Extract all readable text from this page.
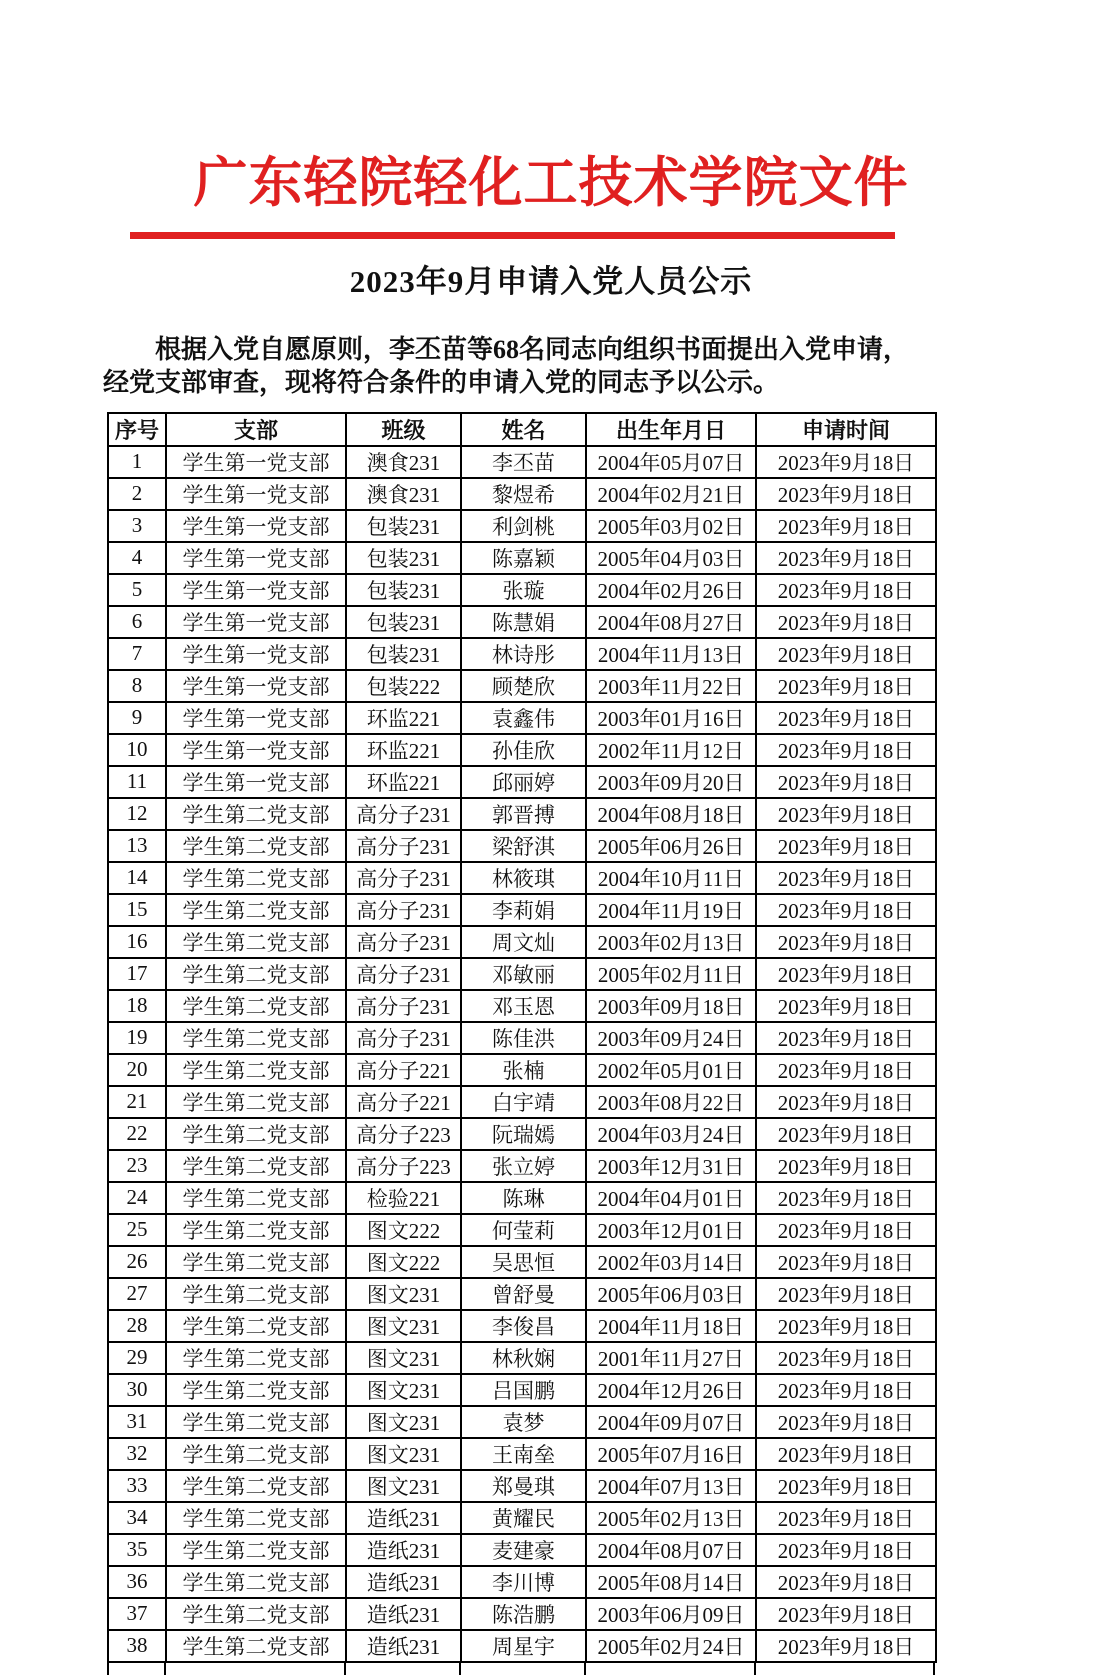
广东轻院轻化工技术学院文件
2023年9月申请入党人员公示
根据入党自愿原则，李丕苗等68名同志向组织书面提出入党申请，
经党支部审查，现将符合条件的申请入党的同志予以公示。
序号	支部	班级	姓名	出生年月日	申请时间
1	学生第一党支部	澳食231	李丕苗	2004年05月07日	2023年9月18日
2	学生第一党支部	澳食231	黎煜希	2004年02月21日	2023年9月18日
3	学生第一党支部	包装231	利剑桃	2005年03月02日	2023年9月18日
4	学生第一党支部	包装231	陈嘉颖	2005年04月03日	2023年9月18日
5	学生第一党支部	包装231	张璇	2004年02月26日	2023年9月18日
6	学生第一党支部	包装231	陈慧娟	2004年08月27日	2023年9月18日
7	学生第一党支部	包装231	林诗彤	2004年11月13日	2023年9月18日
8	学生第一党支部	包装222	顾楚欣	2003年11月22日	2023年9月18日
9	学生第一党支部	环监221	袁鑫伟	2003年01月16日	2023年9月18日
10	学生第一党支部	环监221	孙佳欣	2002年11月12日	2023年9月18日
11	学生第一党支部	环监221	邱丽婷	2003年09月20日	2023年9月18日
12	学生第二党支部	高分子231	郭晋搏	2004年08月18日	2023年9月18日
13	学生第二党支部	高分子231	梁舒淇	2005年06月26日	2023年9月18日
14	学生第二党支部	高分子231	林筱琪	2004年10月11日	2023年9月18日
15	学生第二党支部	高分子231	李莉娟	2004年11月19日	2023年9月18日
16	学生第二党支部	高分子231	周文灿	2003年02月13日	2023年9月18日
17	学生第二党支部	高分子231	邓敏丽	2005年02月11日	2023年9月18日
18	学生第二党支部	高分子231	邓玉恩	2003年09月18日	2023年9月18日
19	学生第二党支部	高分子231	陈佳洪	2003年09月24日	2023年9月18日
20	学生第二党支部	高分子221	张楠	2002年05月01日	2023年9月18日
21	学生第二党支部	高分子221	白宇靖	2003年08月22日	2023年9月18日
22	学生第二党支部	高分子223	阮瑞嫣	2004年03月24日	2023年9月18日
23	学生第二党支部	高分子223	张立婷	2003年12月31日	2023年9月18日
24	学生第二党支部	检验221	陈琳	2004年04月01日	2023年9月18日
25	学生第二党支部	图文222	何莹莉	2003年12月01日	2023年9月18日
26	学生第二党支部	图文222	吴思恒	2002年03月14日	2023年9月18日
27	学生第二党支部	图文231	曾舒曼	2005年06月03日	2023年9月18日
28	学生第二党支部	图文231	李俊昌	2004年11月18日	2023年9月18日
29	学生第二党支部	图文231	林秋娴	2001年11月27日	2023年9月18日
30	学生第二党支部	图文231	吕国鹏	2004年12月26日	2023年9月18日
31	学生第二党支部	图文231	袁梦	2004年09月07日	2023年9月18日
32	学生第二党支部	图文231	王南垒	2005年07月16日	2023年9月18日
33	学生第二党支部	图文231	郑曼琪	2004年07月13日	2023年9月18日
34	学生第二党支部	造纸231	黄耀民	2005年02月13日	2023年9月18日
35	学生第二党支部	造纸231	麦建豪	2004年08月07日	2023年9月18日
36	学生第二党支部	造纸231	李川博	2005年08月14日	2023年9月18日
37	学生第二党支部	造纸231	陈浩鹏	2003年06月09日	2023年9月18日
38	学生第二党支部	造纸231	周星宇	2005年02月24日	2023年9月18日
